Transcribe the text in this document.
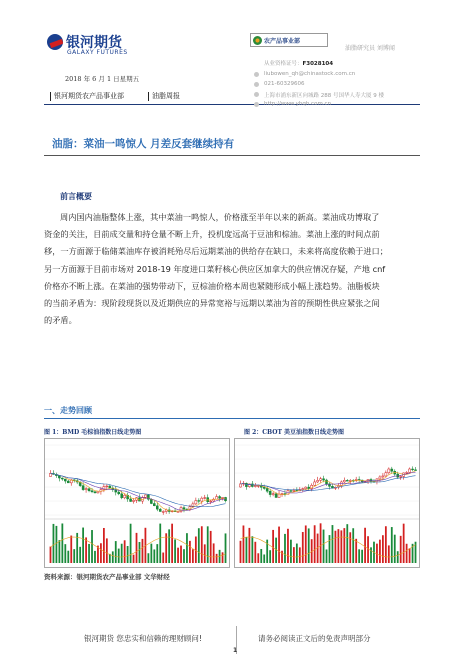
银河期货
GALAXY FUTURES
2018 年 6 月 1 日星期五
银河期货农产品事业部	油脂周报
农产品事业部
油脂研究员 刘博闻
从业资格证号：F3028104
liubowen_qh@chinastock.com.cn
021-60329606
上海市浦东新区向城路 288 号国华人寿大厦 9 楼
http://www.yhqh.com.cn
油脂：菜油一鸣惊人 月差反套继续持有
前言概要

周内国内油脂整体上涨，其中菜油一鸣惊人，价格涨至半年以来的新高。菜油成功博取了

资金的关注，目前成交量和持仓量不断上升，投机度远高于豆油和棕油。菜油上涨的时间点前

移，一方面源于临储菜油库存被消耗殆尽后远期菜油的供给存在缺口，未来将高度依赖于进口；

另一方面源于目前市场对 2018-19 年度进口菜籽核心供应区加拿大的供应情况存疑，产地 cnf

价格亦不断上涨。在菜油的强势带动下，豆棕油价格本周也紧随形成小幅上涨趋势。油脂板块

的当前矛盾为：现阶段现货以及近期供应的异常宽裕与远期以菜油为首的预期性供应紧张之间

的矛盾。

一、走势回顾
图 1：BMD 毛棕油指数日线走势图	图 2：CBOT 美豆油指数日线走势图
资料来源：银河期货农产品事业部 文华财经
银河期货 您忠实和信赖的理财顾问!	请务必阅读正文后的免责声明部分
1
